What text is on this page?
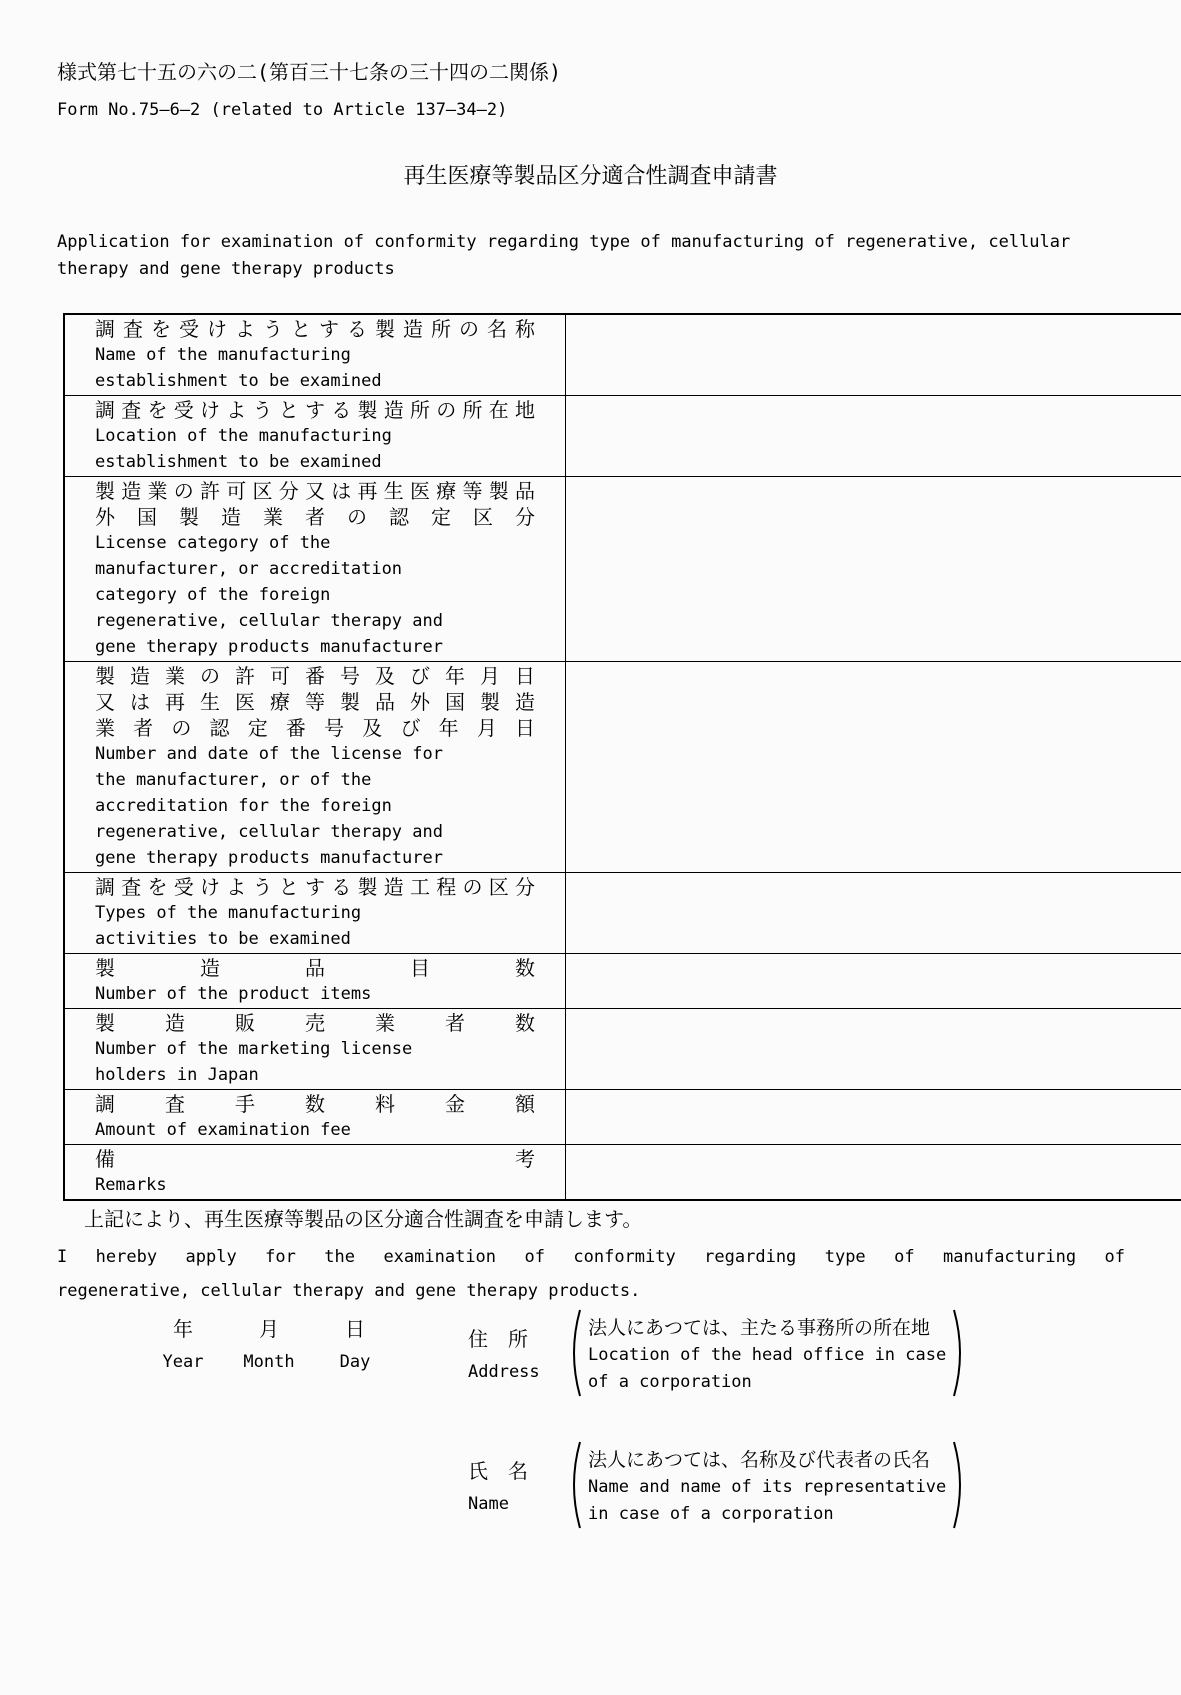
様式第七十五の六の二(第百三十七条の三十四の二関係)
Form No.75—6—2 (related to Article 137—34—2)
再生医療等製品区分適合性調査申請書
Application for examination of conformity regarding type of manufacturing of regenerative, cellular therapy and gene therapy products
調査を受けようとする製造所の名称
Name of the manufacturing
establishment to be examined	

調査を受けようとする製造所の所在地
Location of the manufacturing
establishment to be examined	

製造業の許可区分又は再生医療等製品
外国製造業者の認定区分
License category of the
manufacturer, or accreditation
category of the foreign
regenerative, cellular therapy and
gene therapy products manufacturer

製造業の許可番号及び年月日
又は再生医療等製品外国製造
業者の認定番号及び年月日
Number and date of the license for
the manufacturer, or of the
accreditation for the foreign
regenerative, cellular therapy and
gene therapy products manufacturer

調査を受けようとする製造工程の区分
Types of the manufacturing
activities to be examined	

製造品目数
Number of the product items	

製造販売業者数
Number of the marketing license
holders in Japan	

調査手数料金額
Amount of examination fee	

備考
Remarks	

上記により、再生医療等製品の区分適合性調査を申請します。
I hereby apply for the examination of conformity regarding type of manufacturing of
regenerative, cellular therapy and gene therapy products.
年
Year
月
Month
日
Day
住　所
Address
法人にあつては、主たる事務所の所在地
Location of the head office in case
of a corporation
氏　名
Name
法人にあつては、名称及び代表者の氏名
Name and name of its representative
in case of a corporation
